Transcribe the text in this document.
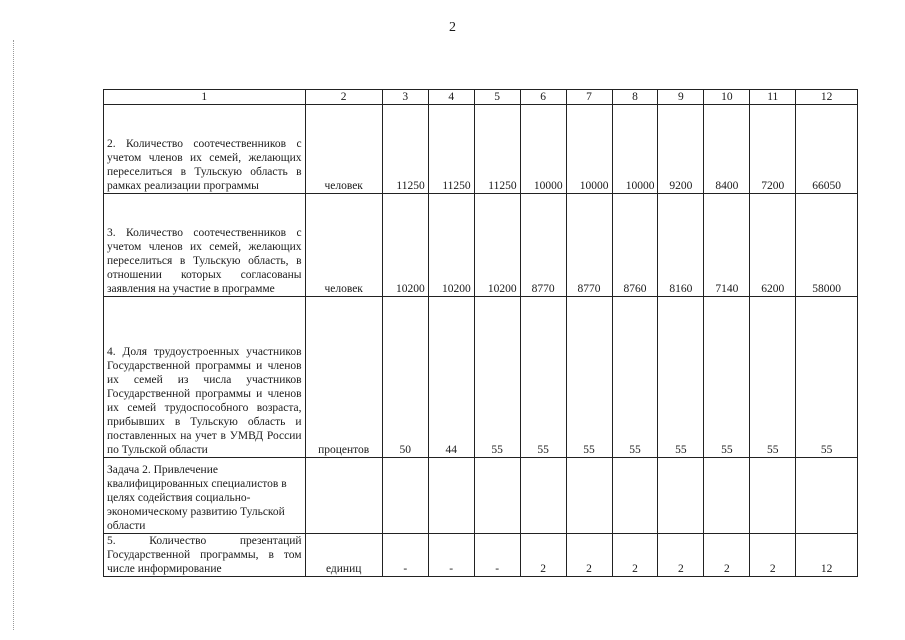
2
1	2	3	4	5	6	7	8	9	10	11	12
2. Количество соотечественников с учетом членов их семей, желающих переселиться в Тульскую область в рамках реализации программы	человек	11250	11250	11250	10000	10000	10000	9200	8400	7200	66050
3. Количество соотечественников с учетом членов их семей, желающих переселиться в Тульскую область, в отношении которых согласованы заявления на участие в программе	человек	10200	10200	10200	8770	8770	8760	8160	7140	6200	58000
4. Доля трудоустроенных участников Государственной программы и членов их семей из числа участников Государственной программы и членов их семей трудоспособного возраста, прибывших в Тульскую область и поставленных на учет в УМВД России по Тульской области	процентов	50	44	55	55	55	55	55	55	55	55
Задача 2. Привлечение квалифицированных специалистов в целях содействия социально-экономическому развитию Тульской области											
5. Количество презентаций Государственной программы, в том числе информирование	единиц	-	-	-	2	2	2	2	2	2	12
